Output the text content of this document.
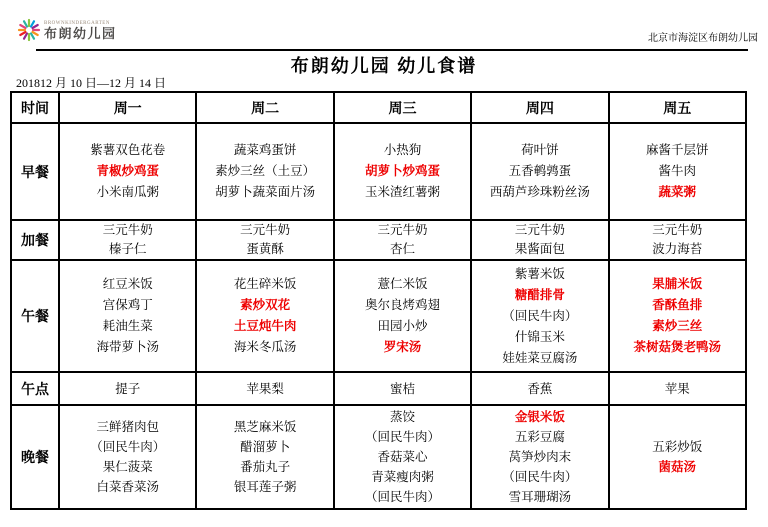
BROWNKINDERGARTEN
布朗幼儿园	北京市海淀区布朗幼儿园
布朗幼儿园 幼儿食谱
201812 月 10 日—12 月 14 日
时间	周一	周二	周三	周四	周五
早餐	
紫薯双色花卷
青椒炒鸡蛋
小米南瓜粥

蔬菜鸡蛋饼
素炒三丝（土豆）
胡萝卜蔬菜面片汤

小热狗
胡萝卜炒鸡蛋
玉米渣红薯粥

荷叶饼
五香鹌鹑蛋
西葫芦珍珠粉丝汤

麻酱千层饼
酱牛肉
蔬菜粥

加餐	
三元牛奶
榛子仁

三元牛奶
蛋黄酥

三元牛奶
杏仁

三元牛奶
果酱面包

三元牛奶
波力海苔

午餐	
红豆米饭
宫保鸡丁
耗油生菜
海带萝卜汤

花生碎米饭
素炒双花
土豆炖牛肉
海米冬瓜汤

薏仁米饭
奥尔良烤鸡翅
田园小炒
罗宋汤

紫薯米饭
糖醋排骨
（回民牛肉）
什锦玉米
娃娃菜豆腐汤

果脯米饭
香酥鱼排
素炒三丝
茶树菇煲老鸭汤

午点	提子	苹果梨	蜜桔	香蕉	苹果

晚餐	
三鲜猪肉包
（回民牛肉）
果仁菠菜
白菜香菜汤

黑芝麻米饭
醋溜萝卜
番茄丸子
银耳莲子粥

蒸饺
（回民牛肉）
香菇菜心
青菜瘦肉粥
（回民牛肉）

金银米饭
五彩豆腐
莴笋炒肉末
（回民牛肉）
雪耳珊瑚汤

五彩炒饭
菌菇汤
